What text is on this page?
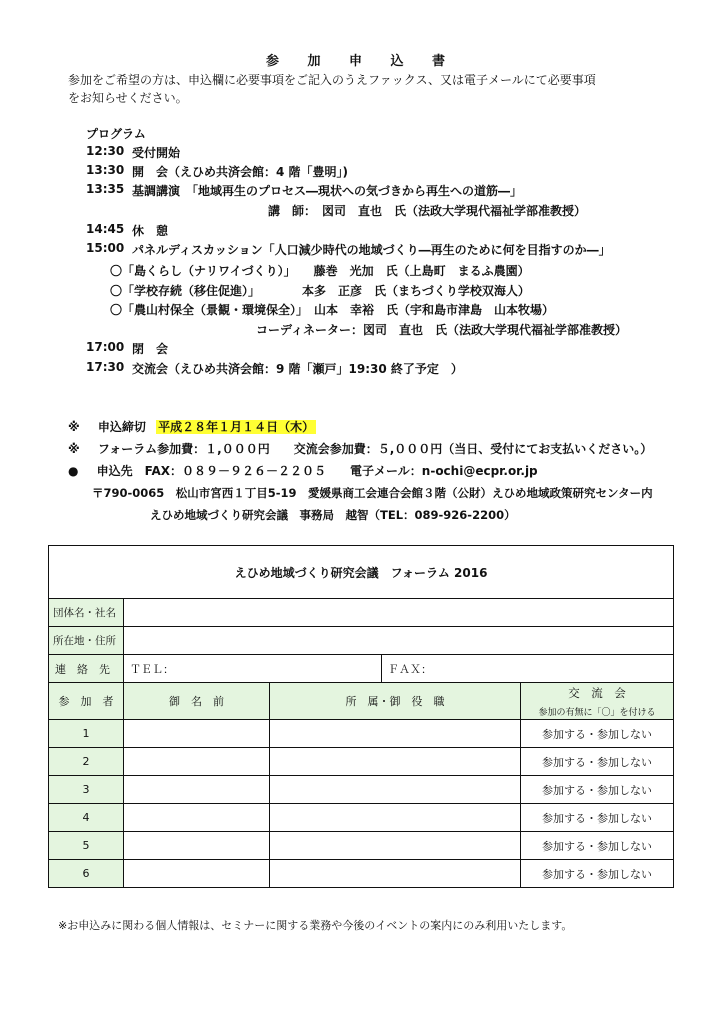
参 加 申 込 書
参加をご希望の方は、申込欄に必要事項をご記入のうえファックス、又は電子メールにて必要事項
をお知らせください。
プログラム
12:30 受付開始
13:30 開　会（えひめ共済会館：4 階「豊明」)
13:35 基調講演　「地域再生のプロセス―現状への気づきから再生への道筋―」
講　師：　図司　直也　氏（法政大学現代福祉学部准教授）
14:45 休　憩
15:00 パネルディスカッション「人口減少時代の地域づくり―再生のために何を目指すのか―」
〇「島くらし（ナリワイづくり）」　　藤巻　光加　氏（上島町　まるふ農園）
〇「学校存続（移住促進）」　　　　本多　正彦　氏（まちづくり学校双海人）
〇「農山村保全（景観・環境保全）」　山本　幸裕　氏（宇和島市津島　山本牧場）
コーディネーター：図司　直也　氏（法政大学現代福祉学部准教授）
17:00 閉　会
17:30 交流会（えひめ共済会館：9 階「瀬戸」19:30 終了予定　）
※ 申込締切 平成２８年１月１４日（木）
※ フォーラム参加費：１,０００円　　交流会参加費：５,０００円（当日、受付にてお支払いください。）
● 申込先　FAX：０８９－９２６－２２０５　　電子メール：n-ochi@ecpr.or.jp
〒790-0065　松山市宮西１丁目5-19　愛媛県商工会連合会館３階（公財）えひめ地域政策研究センター内
えひめ地域づくり研究会議　事務局　越智（TEL：089-926-2200）
えひめ地域づくり研究会議　フォーラム 2016				
団体名・社名				
所在地・住所				
連　絡　先	ＴＥＬ：		ＦＡＸ：	
参　加　者	御　名　前	所　属・御　役　職		交　流　会
参加の有無に「〇」を付ける

1				参加する・参加しない
2				参加する・参加しない
3				参加する・参加しない
4				参加する・参加しない
5				参加する・参加しない
6				参加する・参加しない
※お申込みに関わる個人情報は、セミナーに関する業務や今後のイベントの案内にのみ利用いたします。
